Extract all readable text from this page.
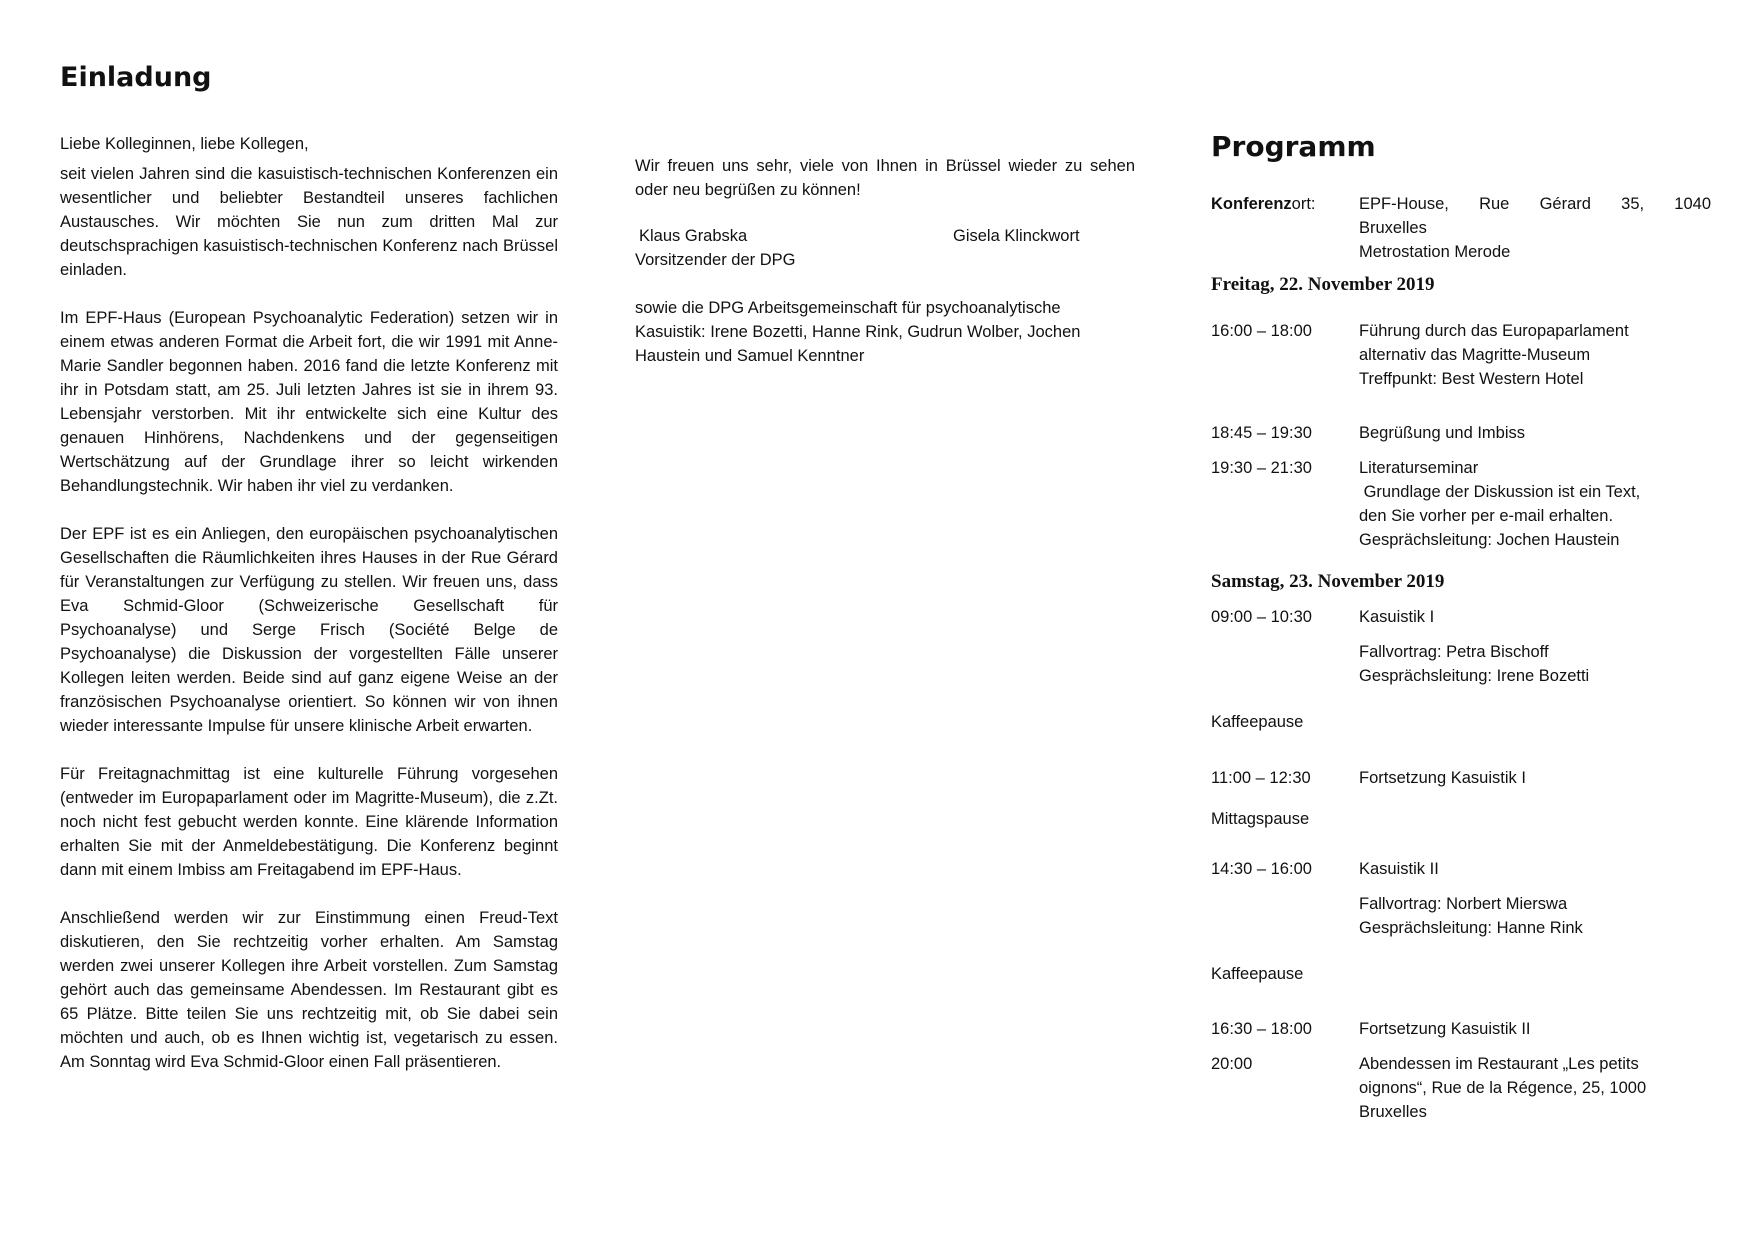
Einladung

Liebe Kolleginnen, liebe Kollegen,

seit vielen Jahren sind die kasuistisch-technischen Konferenzen ein wesentlicher und beliebter Bestandteil unseres fachlichen Austausches. Wir möchten Sie nun zum dritten Mal zur deutschsprachigen kasuistisch-technischen Konferenz nach Brüssel einladen.

Im EPF-Haus (European Psychoanalytic Federation) setzen wir in einem etwas anderen Format die Arbeit fort, die wir 1991 mit Anne-Marie Sandler begonnen haben. 2016 fand die letzte Konferenz mit ihr in Potsdam statt, am 25. Juli letzten Jahres ist sie in ihrem 93. Lebensjahr verstorben. Mit ihr entwickelte sich eine Kultur des genauen Hinhörens, Nachdenkens und der gegenseitigen Wertschätzung auf der Grundlage ihrer so leicht wirkenden Behandlungstechnik. Wir haben ihr viel zu verdanken.

Der EPF ist es ein Anliegen, den europäischen psychoanalytischen Gesellschaften die Räumlichkeiten ihres Hauses in der Rue Gérard für Veranstaltungen zur Verfügung zu stellen. Wir freuen uns, dass Eva Schmid-Gloor (Schweizerische Gesellschaft für Psychoanalyse) und Serge Frisch (Société Belge de Psychoanalyse) die Diskussion der vorgestellten Fälle unserer Kollegen leiten werden. Beide sind auf ganz eigene Weise an der französischen Psychoanalyse orientiert. So können wir von ihnen wieder interessante Impulse für unsere klinische Arbeit erwarten.

Für Freitagnachmittag ist eine kulturelle Führung vorgesehen (entweder im Europaparlament oder im Magritte-Museum), die z.Zt. noch nicht fest gebucht werden konnte. Eine klärende Information erhalten Sie mit der Anmeldebestätigung. Die Konferenz beginnt dann mit einem Imbiss am Freitagabend im EPF-Haus.

Anschließend werden wir zur Einstimmung einen Freud-Text diskutieren, den Sie rechtzeitig vorher erhalten. Am Samstag werden zwei unserer Kollegen ihre Arbeit vorstellen. Zum Samstag gehört auch das gemeinsame Abendessen. Im Restaurant gibt es 65 Plätze. Bitte teilen Sie uns rechtzeitig mit, ob Sie dabei sein möchten und auch, ob es Ihnen wichtig ist, vegetarisch zu essen. Am Sonntag wird Eva Schmid-Gloor einen Fall präsentieren.

Wir freuen uns sehr, viele von Ihnen in Brüssel wieder zu sehen oder neu begrüßen zu können!

Klaus Grabska	Gisela Klinckwort
Vorsitzender der DPG

sowie die DPG Arbeitsgemeinschaft für psychoanalytische Kasuistik: Irene Bozetti, Hanne Rink, Gudrun Wolber, Jochen Haustein und Samuel Kenntner

Programm
Konferenzort:	EPF-House, Rue Gérard 35, 1040
Bruxelles
Metrostation Merode
Freitag, 22. November 2019
16:00 – 18:00	Führung durch das Europaparlament
alternativ das Magritte-Museum
Treffpunkt: Best Western Hotel
18:45 – 19:30	Begrüßung und Imbiss
19:30 – 21:30	Literaturseminar
Grundlage der Diskussion ist ein Text,
den Sie vorher per e-mail erhalten.
Gesprächsleitung: Jochen Haustein
Samstag, 23. November 2019
09:00 – 10:30	Kasuistik I
Fallvortrag: Petra Bischoff
Gesprächsleitung: Irene Bozetti
Kaffeepause
11:00 – 12:30	Fortsetzung Kasuistik I
Mittagspause
14:30 – 16:00	Kasuistik II
Fallvortrag: Norbert Mierswa
Gesprächsleitung: Hanne Rink
Kaffeepause
16:30 – 18:00	Fortsetzung Kasuistik II
20:00	Abendessen im Restaurant „Les petits
oignons“, Rue de la Régence, 25, 1000
Bruxelles
